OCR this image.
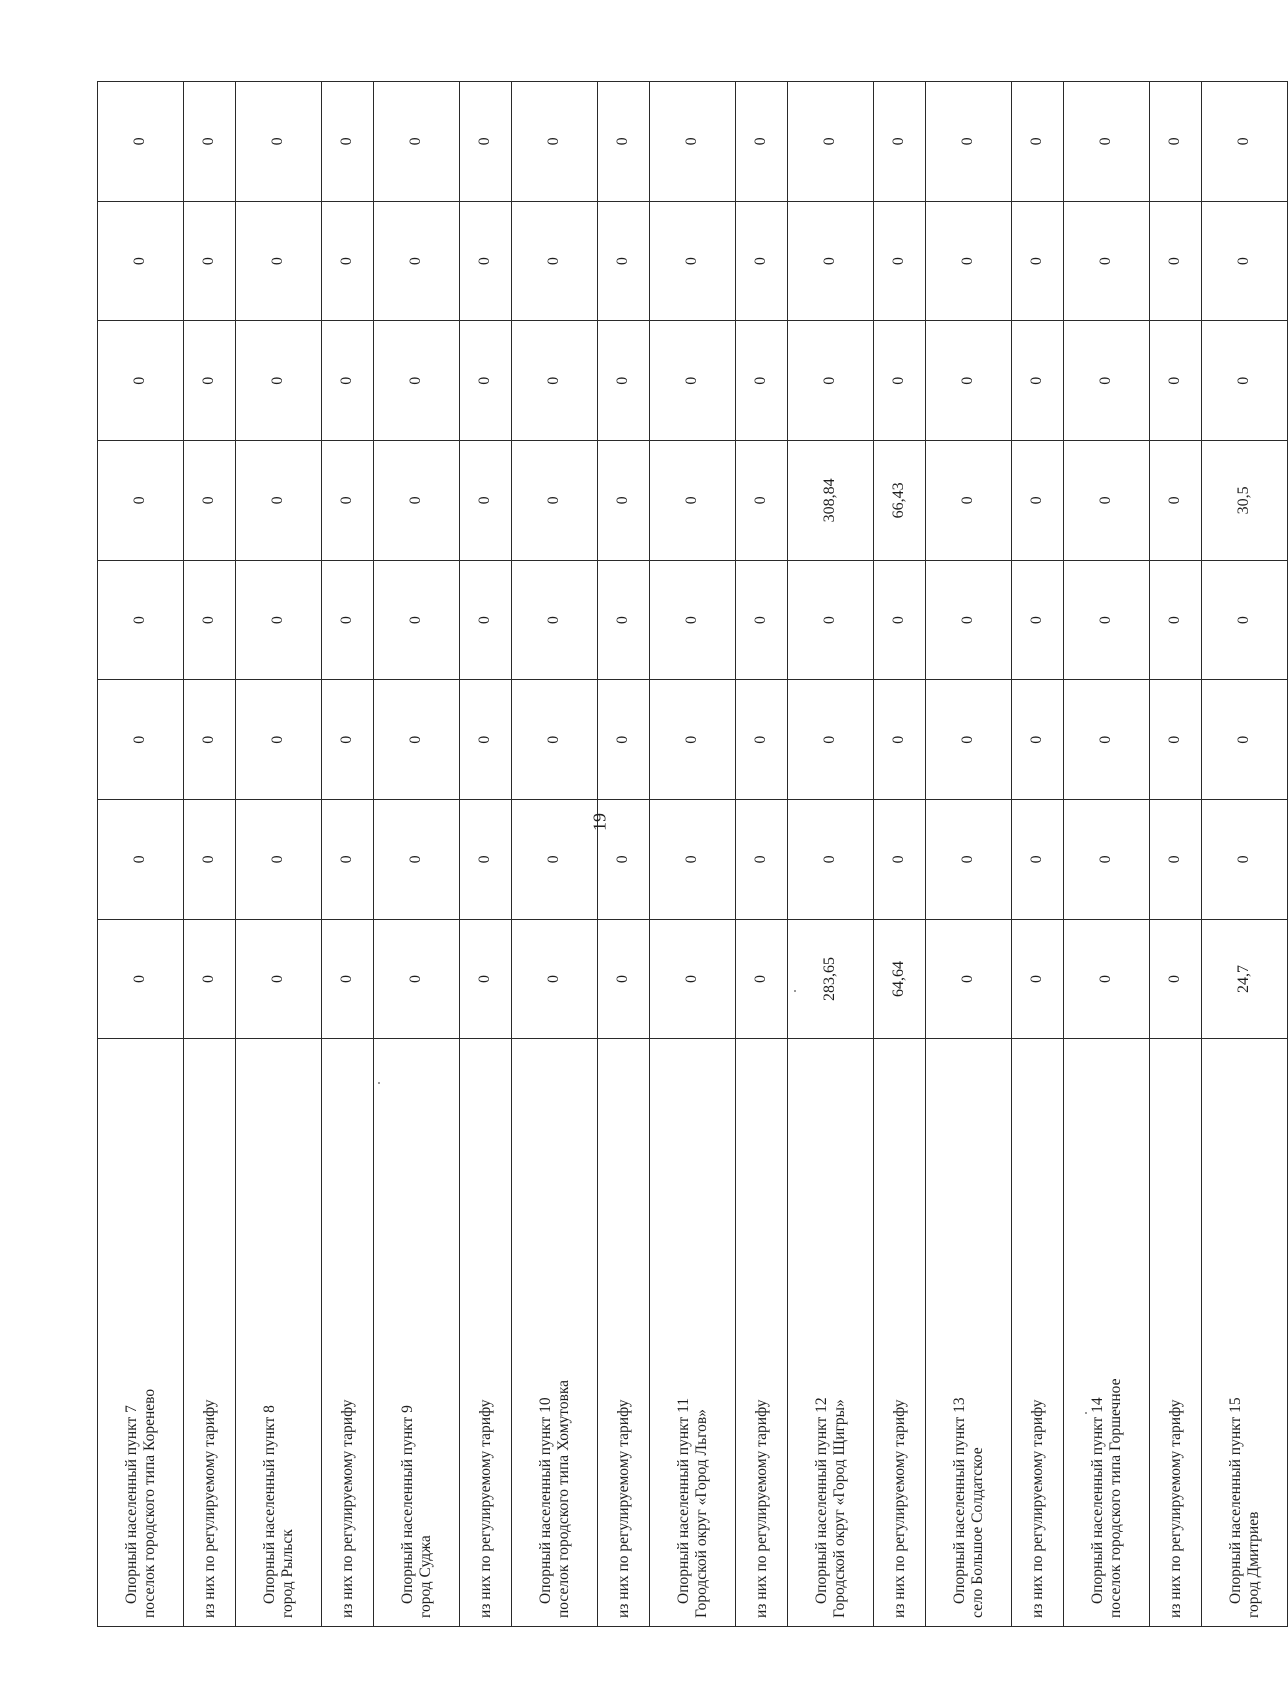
Опорный населенный пункт 7 поселок городского типа Коренево	0	0	0	0	0	0	0	0

из них по регулируемому тарифу	0	0	0	0	0	0	0	0

Опорный населенный пункт 8 город Рыльск	0	0	0	0	0	0	0	0

из них по регулируемому тарифу	0	0	0	0	0	0	0	0

Опорный населенный пункт 9 город Суджа	0	0	0	0	0	0	0	0

из них по регулируемому тарифу	0	0	0	0	0	0	0	0

Опорный населенный пункт 10 поселок городского типа Хомутовка	0	0	0	0	0	0	0	0

из них по регулируемому тарифу	0	0	0	0	0	0	0	0

Опорный населенный пункт 11 Городской округ «Город Льгов»	0	0	0	0	0	0	0	0

из них по регулируемому тарифу	0	0	0	0	0	0	0	0

Опорный населенный пункт 12 Городской округ «Город Щигры»	283,65	0	0	0	308,84	0	0	0

из них по регулируемому тарифу	64,64	0	0	0	66,43	0	0	0

Опорный населенный пункт 13 село Большое Солдатское	0	0	0	0	0	0	0	0

из них по регулируемому тарифу	0	0	0	0	0	0	0	0

Опорный населенный пункт 14 поселок городского типа Горшечное	0	0	0	0	0	0	0	0

из них по регулируемому тарифу	0	0	0	0	0	0	0	0

Опорный населенный пункт 15 город Дмитриев	24,7	0	0	0	30,5	0	0	0
19
